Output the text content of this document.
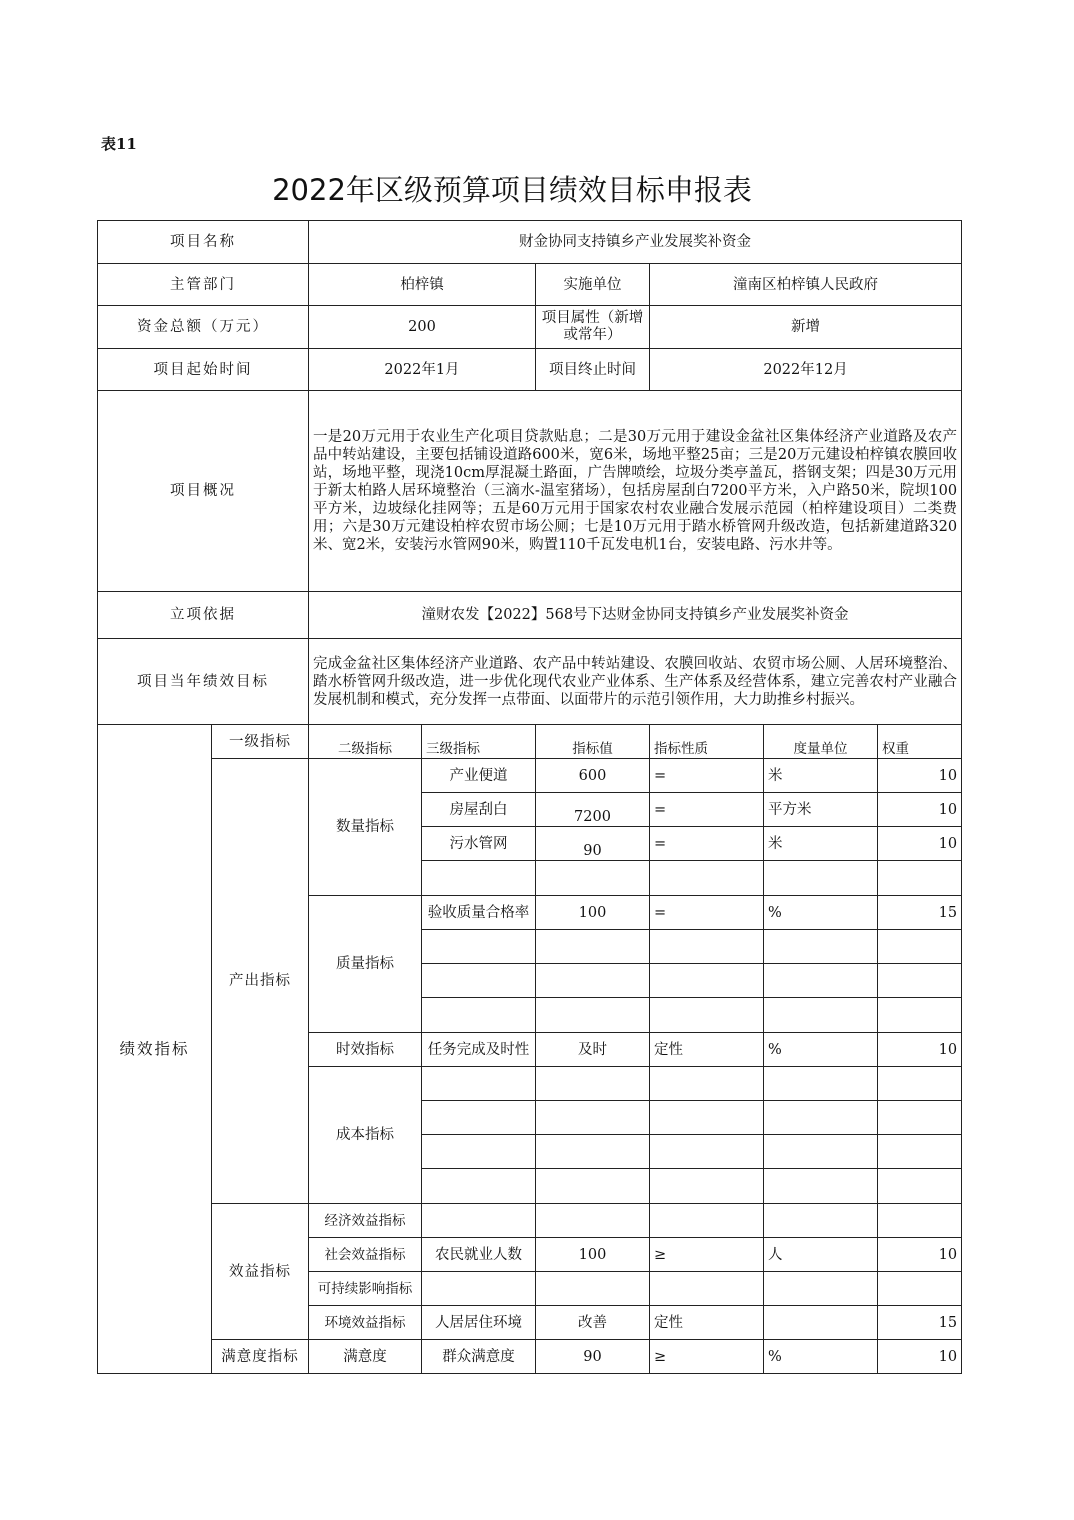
表11
2022年区级预算项目绩效目标申报表
项目名称		财金协同支持镇乡产业发展奖补资金					
主管部门		柏梓镇		实施单位	潼南区柏梓镇人民政府		
资金总额（万元）		200		项目属性（新增或常年）	新增		
项目起始时间		2022年1月		项目终止时间	2022年12月		
项目概况		一是20万元用于农业生产化项目贷款贴息；二是30万元用于建设金盆社区集体经济产业道路及农产品中转站建设，主要包括铺设道路600米，宽6米，场地平整25亩；三是20万元建设柏梓镇农膜回收站，场地平整，现浇10cm厚混凝土路面，广告牌喷绘，垃圾分类亭盖瓦，搭钢支架；四是30万元用于新太柏路人居环境整治（三滴水-温室猪场），包括房屋刮白7200平方米，入户路50米，院坝100平方米，边坡绿化挂网等；五是60万元用于国家农村农业融合发展示范园（柏梓建设项目）二类费用；六是30万元建设柏梓农贸市场公厕；七是10万元用于踏水桥管网升级改造，包括新建道路320米、宽2米，安装污水管网90米，购置110千瓦发电机1台，安装电路、污水井等。					
立项依据		潼财农发【2022】568号下达财金协同支持镇乡产业发展奖补资金					
项目当年绩效目标		完成金盆社区集体经济产业道路、农产品中转站建设、农膜回收站、农贸市场公厕、人居环境整治、踏水桥管网升级改造，进一步优化现代农业产业体系、生产体系及经营体系，建立完善农村产业融合发展机制和模式，充分发挥一点带面、以面带片的示范引领作用，大力助推乡村振兴。					
绩效指标	一级指标	二级指标	三级指标	指标值	指标性质	度量单位	权重
	产出指标	数量指标	产业便道	600	=	米	10
			房屋刮白	7200	=	平方米	10
			污水管网	90	=	米	10

		质量指标	验收质量合格率	100	=	%	15

		时效指标	任务完成及时性	及时	定性	%	10
		成本指标					

	效益指标	经济效益指标					
		社会效益指标	农民就业人数	100	≥	人	10
		可持续影响指标					
		环境效益指标	人居居住环境	改善	定性		15
	满意度指标	满意度	群众满意度	90	≥	%	10
